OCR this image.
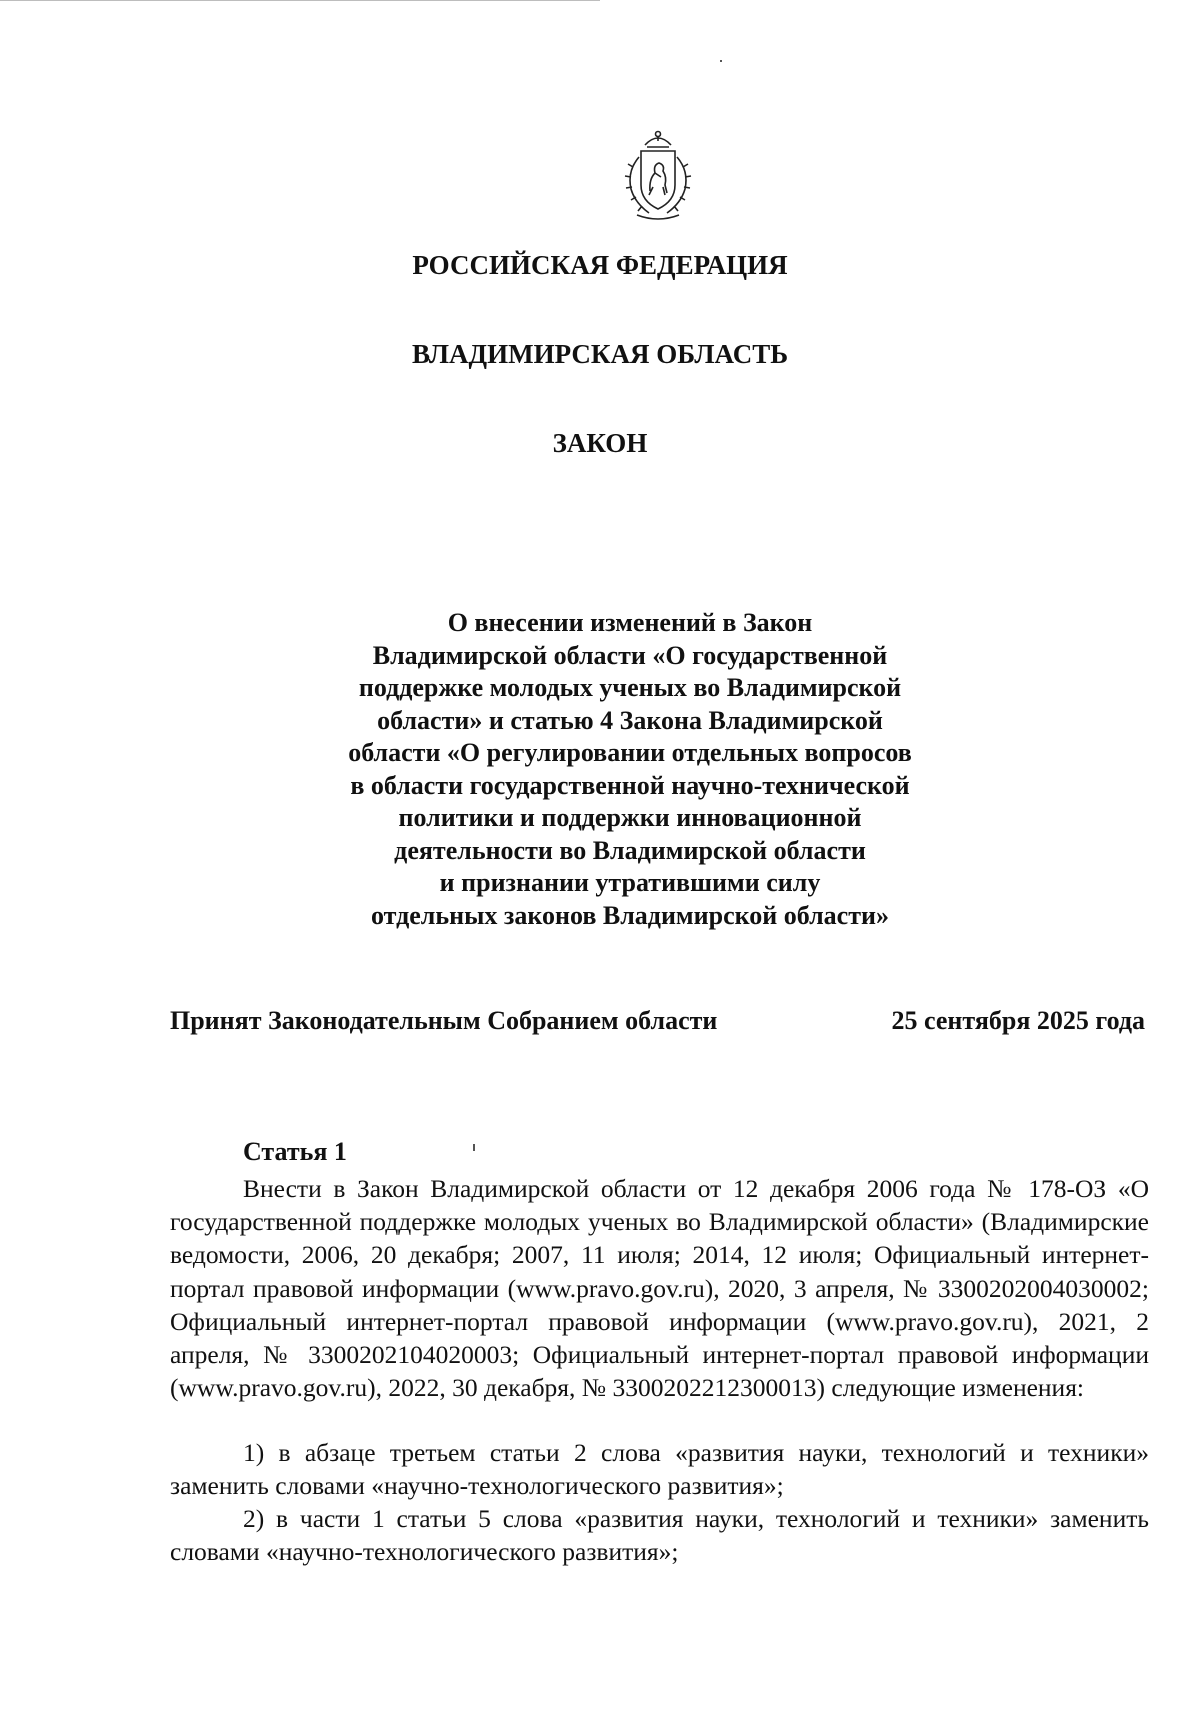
РОССИЙСКАЯ ФЕДЕРАЦИЯ

ВЛАДИМИРСКАЯ ОБЛАСТЬ

ЗАКОН

О внесении изменений в Закон
Владимирской области «О государственной
поддержке молодых ученых во Владимирской
области» и статью 4 Закона Владимирской
области «О регулировании отдельных вопросов
в области государственной научно-технической
политики и поддержки инновационной
деятельности во Владимирской области
и признании утратившими силу
отдельных законов Владимирской области»

Принят Законодательным Собранием области	25 сентября 2025 года

Статья 1

Внести в Закон Владимирской области от 12 декабря 2006 года № 178-ОЗ «О государственной поддержке молодых ученых во Владимирской области» (Владимирские ведомости, 2006, 20 декабря; 2007, 11 июля; 2014, 12 июля; Официальный интернет-портал правовой информации (www.pravo.gov.ru), 2020, 3 апреля, № 3300202004030002; Официальный интернет-портал правовой информации (www.pravo.gov.ru), 2021, 2 апреля, № 3300202104020003; Официальный интернет-портал правовой информации (www.pravo.gov.ru), 2022, 30 декабря, № 3300202212300013) следующие изменения:

1) в абзаце третьем статьи 2 слова «развития науки, технологий и техники» заменить словами «научно-технологического развития»;

2) в части 1 статьи 5 слова «развития науки, технологий и техники» заменить словами «научно-технологического развития»;
